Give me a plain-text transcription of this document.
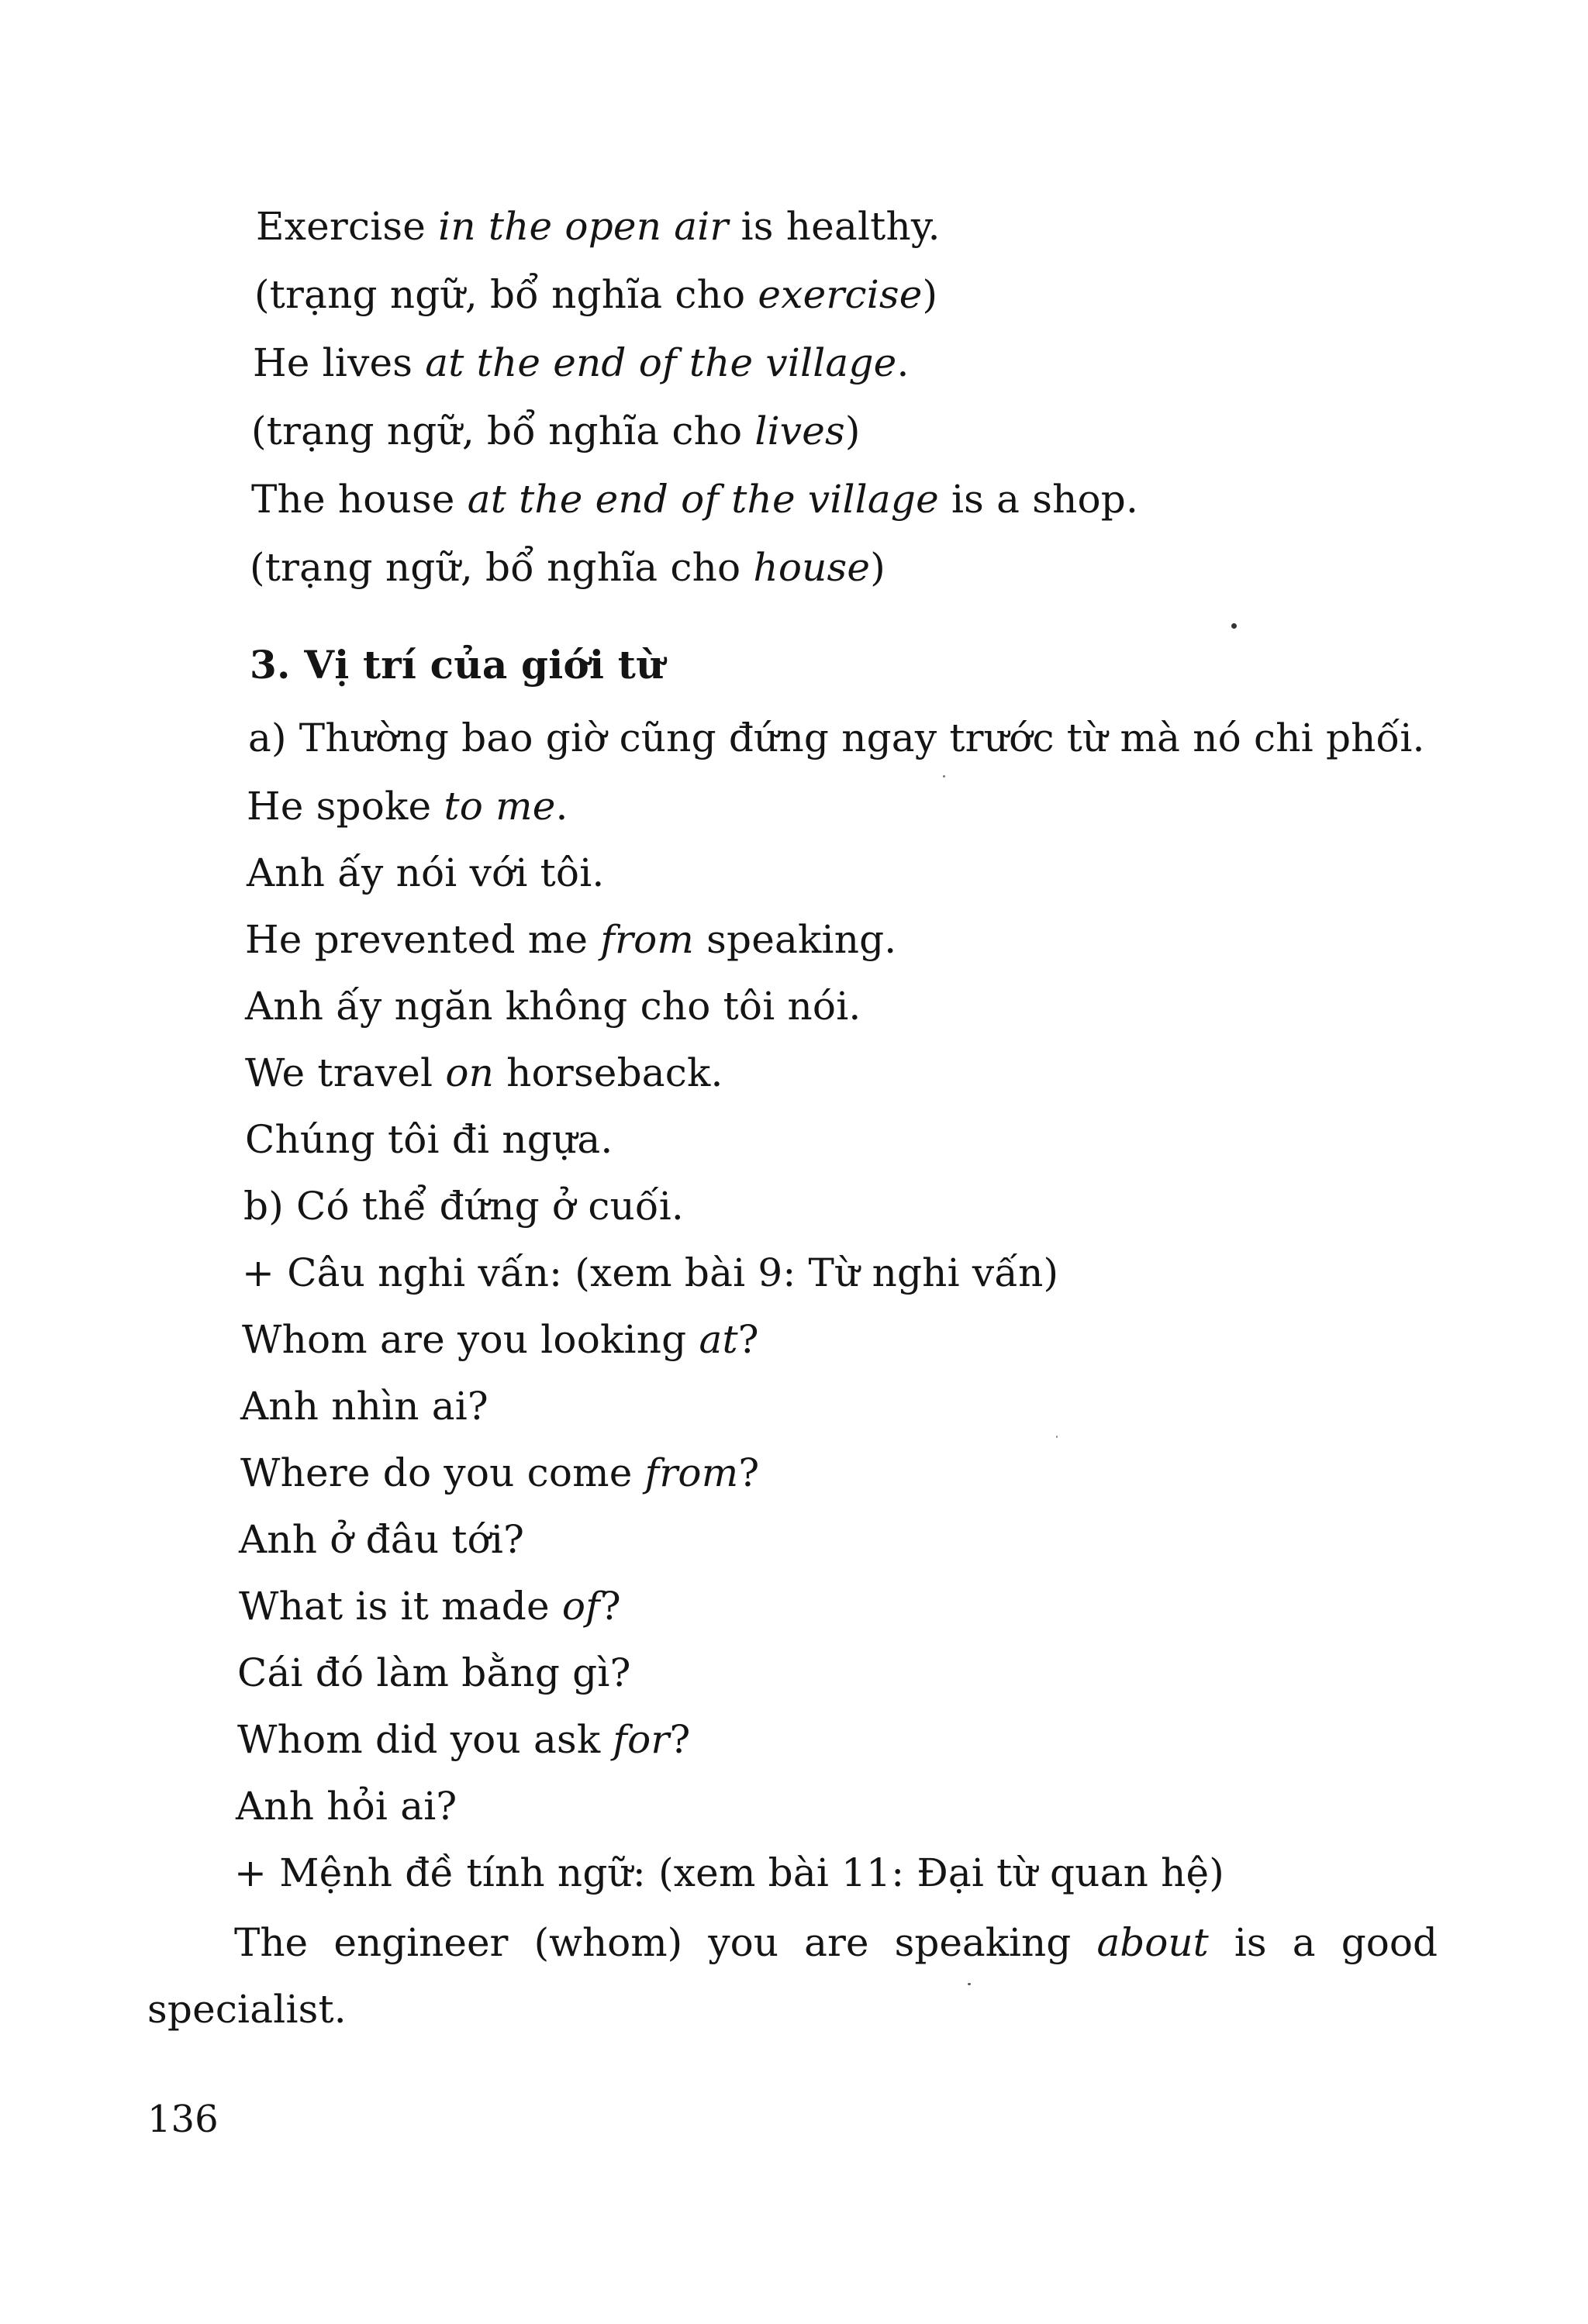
Exercise in the open air is healthy.
(trạng ngữ, bổ nghĩa cho exercise)
He lives at the end of the village.
(trạng ngữ, bổ nghĩa cho lives)
The house at the end of the village is a shop.
(trạng ngữ, bổ nghĩa cho house)
3. Vị trí của giới từ
a) Thường bao giờ cũng đứng ngay trước từ mà nó chi phối.
He spoke to me.
Anh ấy nói với tôi.
He prevented me from speaking.
Anh ấy ngăn không cho tôi nói.
We travel on horseback.
Chúng tôi đi ngựa.
b) Có thể đứng ở cuối.
+ Câu nghi vấn: (xem bài 9: Từ nghi vấn)
Whom are you looking at?
Anh nhìn ai?
Where do you come from?
Anh ở đâu tới?
What is it made of?
Cái đó làm bằng gì?
Whom did you ask for?
Anh hỏi ai?
+ Mệnh đề tính ngữ: (xem bài 11: Đại từ quan hệ)
The engineer (whom) you are speaking about is a good
specialist.
136
